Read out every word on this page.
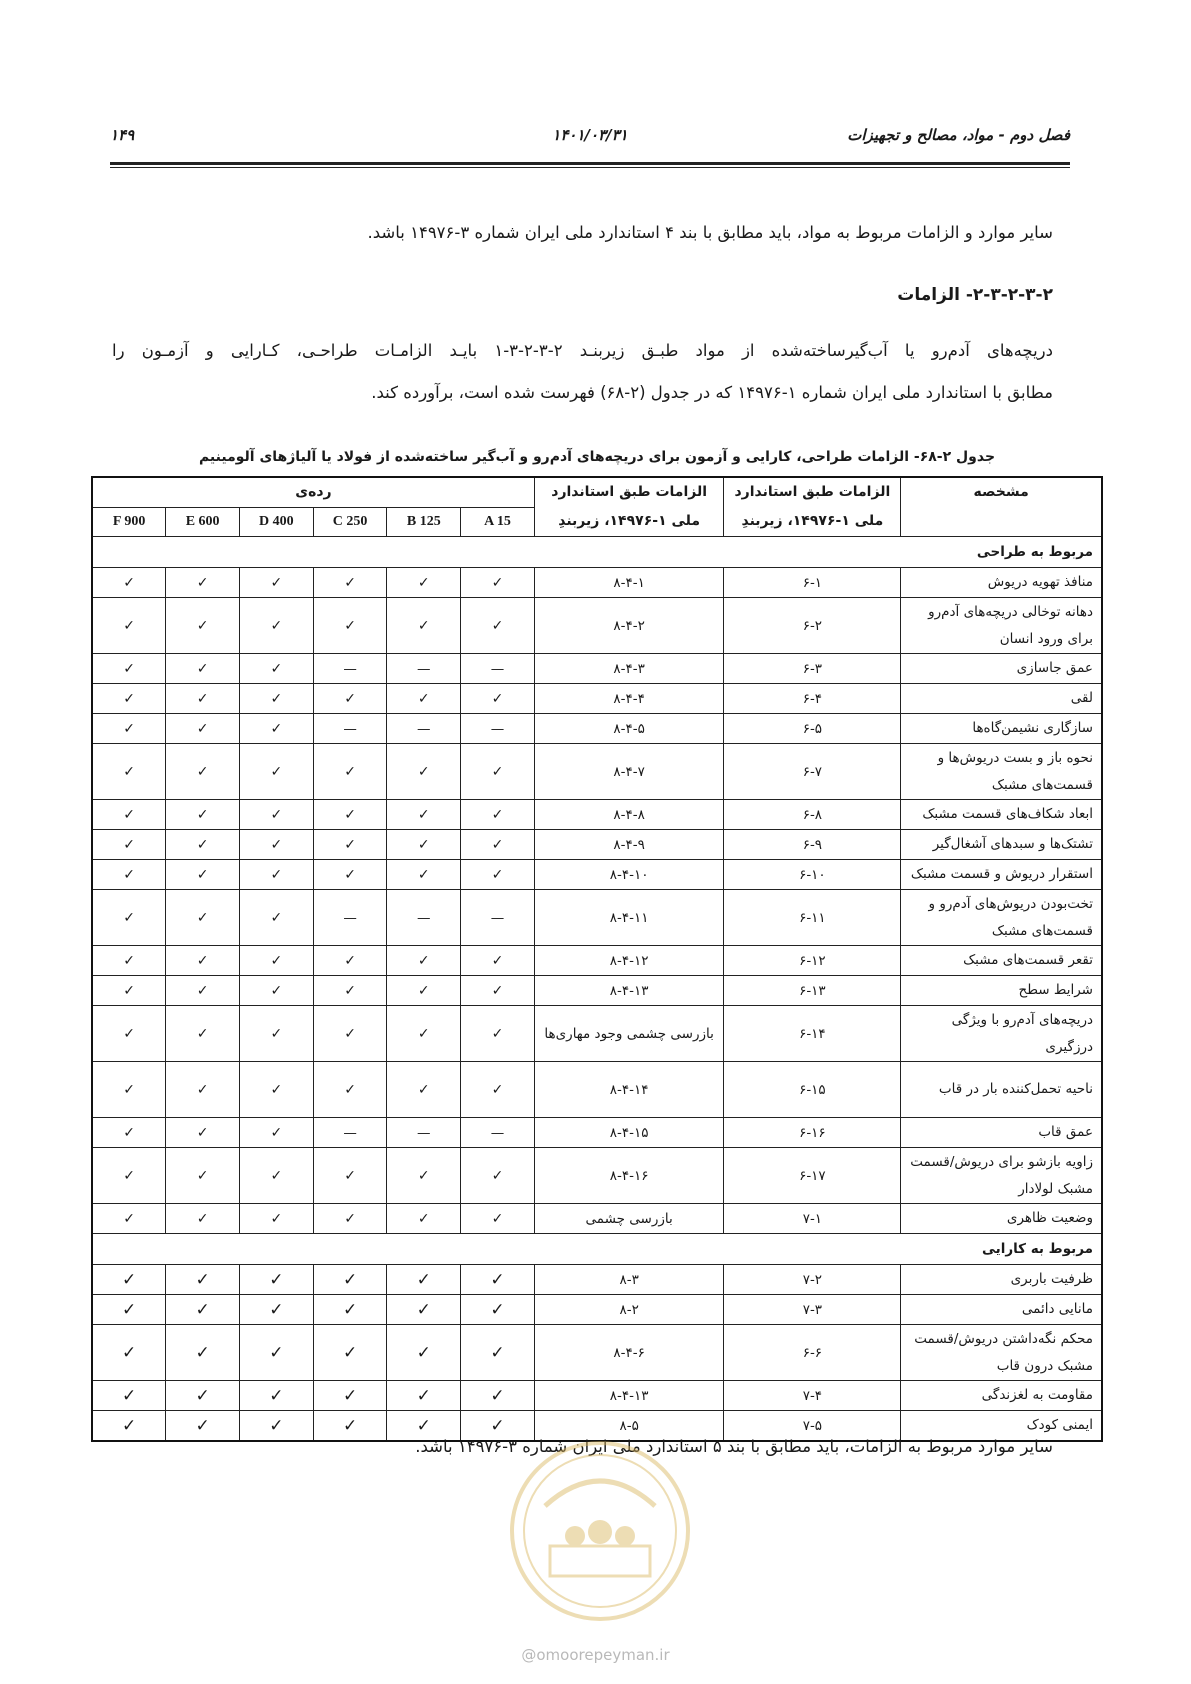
فصل دوم - مواد، مصالح و تجهیزات
۱۴۰۱/۰۳/۳۱
۱۴۹
سایر موارد و الزامات مربوط به مواد، باید مطابق با بند ۴ استاندارد ملی ایران شماره ۳-۱۴۹۷۶ باشد.
۲-۳-۲-۳-۲- الزامات
دریچه‌های آدم‌رو یا آب‌گیرساخته‌شده از مواد طبـق زیربنـد ۲-۳-۲-۳-۱ بایـد الزامـات طراحـی، کـارایی و آزمـون را
مطابق با استاندارد ملی ایران شماره ۱-۱۴۹۷۶ که در جدول (۲-۶۸) فهرست شده است، برآورده کند.
جدول ۲-۶۸- الزامات طراحی، کارایی و آزمون برای دریچه‌های آدم‌رو و آب‌گیر ساخته‌شده از فولاد یا آلیاژهای آلومینیم
مشخصه	الزامات طبق استاندارد ملی ۱-۱۴۹۷۶، زیربندِ	الزامات طبق استاندارد ملی ۱-۱۴۹۷۶، زیربندِ	رده‌ی					
			A 15	B 125	C 250	D 400	E 600	F 900
مربوط به طراحی								
منافذ تهویه دریوش	۶-۱	۸-۴-۱	✓	✓	✓	✓	✓	✓
دهانه توخالی دریچه‌های آدم‌رو برای ورود انسان	۶-۲	۸-۴-۲	✓	✓	✓	✓	✓	✓
عمق جاسازی	۶-۳	۸-۴-۳	—	—	—	✓	✓	✓
لقی	۶-۴	۸-۴-۴	✓	✓	✓	✓	✓	✓
سازگاری نشیمن‌گاه‌ها	۶-۵	۸-۴-۵	—	—	—	✓	✓	✓
نحوه باز و بست دریوش‌ها و قسمت‌های مشبک	۶-۷	۸-۴-۷	✓	✓	✓	✓	✓	✓
ابعاد شکاف‌های قسمت مشبک	۶-۸	۸-۴-۸	✓	✓	✓	✓	✓	✓
تشتک‌ها و سبدهای آشغال‌گیر	۶-۹	۸-۴-۹	✓	✓	✓	✓	✓	✓
استقرار دریوش و قسمت مشبک	۶-۱۰	۸-۴-۱۰	✓	✓	✓	✓	✓	✓
تخت‌بودن دریوش‌های آدم‌رو و قسمت‌های مشبک	۶-۱۱	۸-۴-۱۱	—	—	—	✓	✓	✓
تقعر قسمت‌های مشبک	۶-۱۲	۸-۴-۱۲	✓	✓	✓	✓	✓	✓
شرایط سطح	۶-۱۳	۸-۴-۱۳	✓	✓	✓	✓	✓	✓
دریچه‌های آدم‌رو با ویژگی درزگیری	۶-۱۴	بازرسی چشمی وجود مهاری‌ها	✓	✓	✓	✓	✓	✓
ناحیه تحمل‌کننده بار در قاب	۶-۱۵	۸-۴-۱۴	✓	✓	✓	✓	✓	✓
عمق قاب	۶-۱۶	۸-۴-۱۵	—	—	—	✓	✓	✓
زاویه بازشو برای دریوش/قسمت مشبک لولادار	۶-۱۷	۸-۴-۱۶	✓	✓	✓	✓	✓	✓
وضعیت ظاهری	۷-۱	بازرسی چشمی	✓	✓	✓	✓	✓	✓
مربوط به کارایی								
ظرفیت باربری	۷-۲	۸-۳	✓	✓	✓	✓	✓	✓
مانایی دائمی	۷-۳	۸-۲	✓	✓	✓	✓	✓	✓
محکم نگه‌داشتن دریوش/قسمت مشبک درون قاب	۶-۶	۸-۴-۶	✓	✓	✓	✓	✓	✓
مقاومت به لغزندگی	۷-۴	۸-۴-۱۳	✓	✓	✓	✓	✓	✓
ایمنی کودک	۷-۵	۸-۵	✓	✓	✓	✓	✓	✓
سایر موارد مربوط به الزامات، باید مطابق با بند ۵ استاندارد ملی ایران شماره ۳-۱۴۹۷۶ باشد.
@omoorepeyman.ir
